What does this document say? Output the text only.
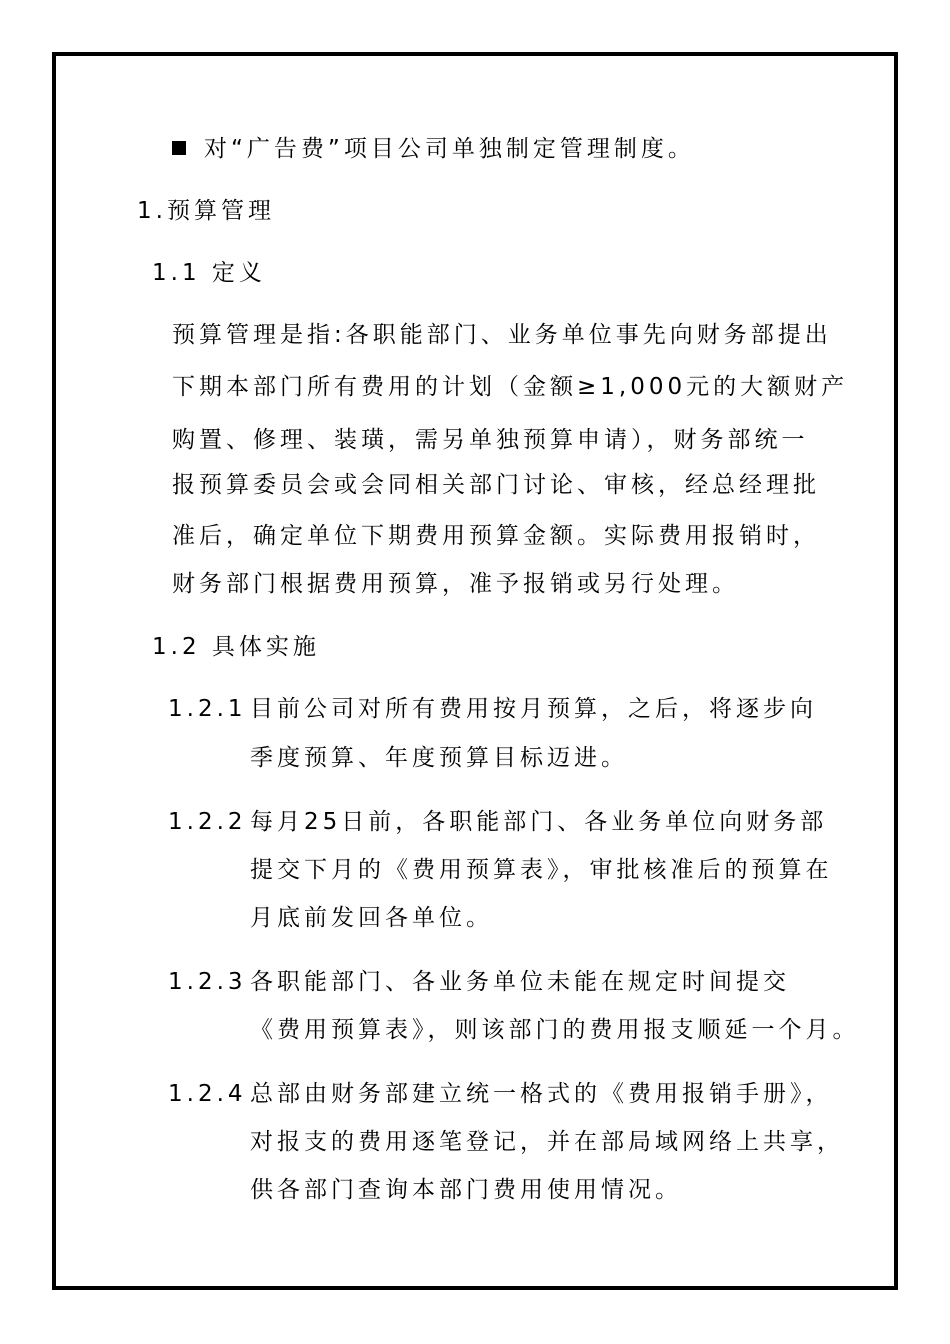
对“广告费”项目公司单独制定管理制度。
1.预算管理
1.1 定义
预算管理是指:各职能部门、业务单位事先向财务部提出
下期本部门所有费用的计划（金额≥1,000元的大额财产
购置、修理、装璜，需另单独预算申请），财务部统一
报预算委员会或会同相关部门讨论、审核，经总经理批
准后，确定单位下期费用预算金额。实际费用报销时，
财务部门根据费用预算，准予报销或另行处理。
1.2 具体实施
1.2.1 目前公司对所有费用按月预算，之后，将逐步向
季度预算、年度预算目标迈进。
1.2.2 每月25日前，各职能部门、各业务单位向财务部
提交下月的《费用预算表》，审批核准后的预算在
月底前发回各单位。
1.2.3 各职能部门、各业务单位未能在规定时间提交
《费用预算表》，则该部门的费用报支顺延一个月。
1.2.4 总部由财务部建立统一格式的《费用报销手册》，
对报支的费用逐笔登记，并在部局域网络上共享，
供各部门查询本部门费用使用情况。
